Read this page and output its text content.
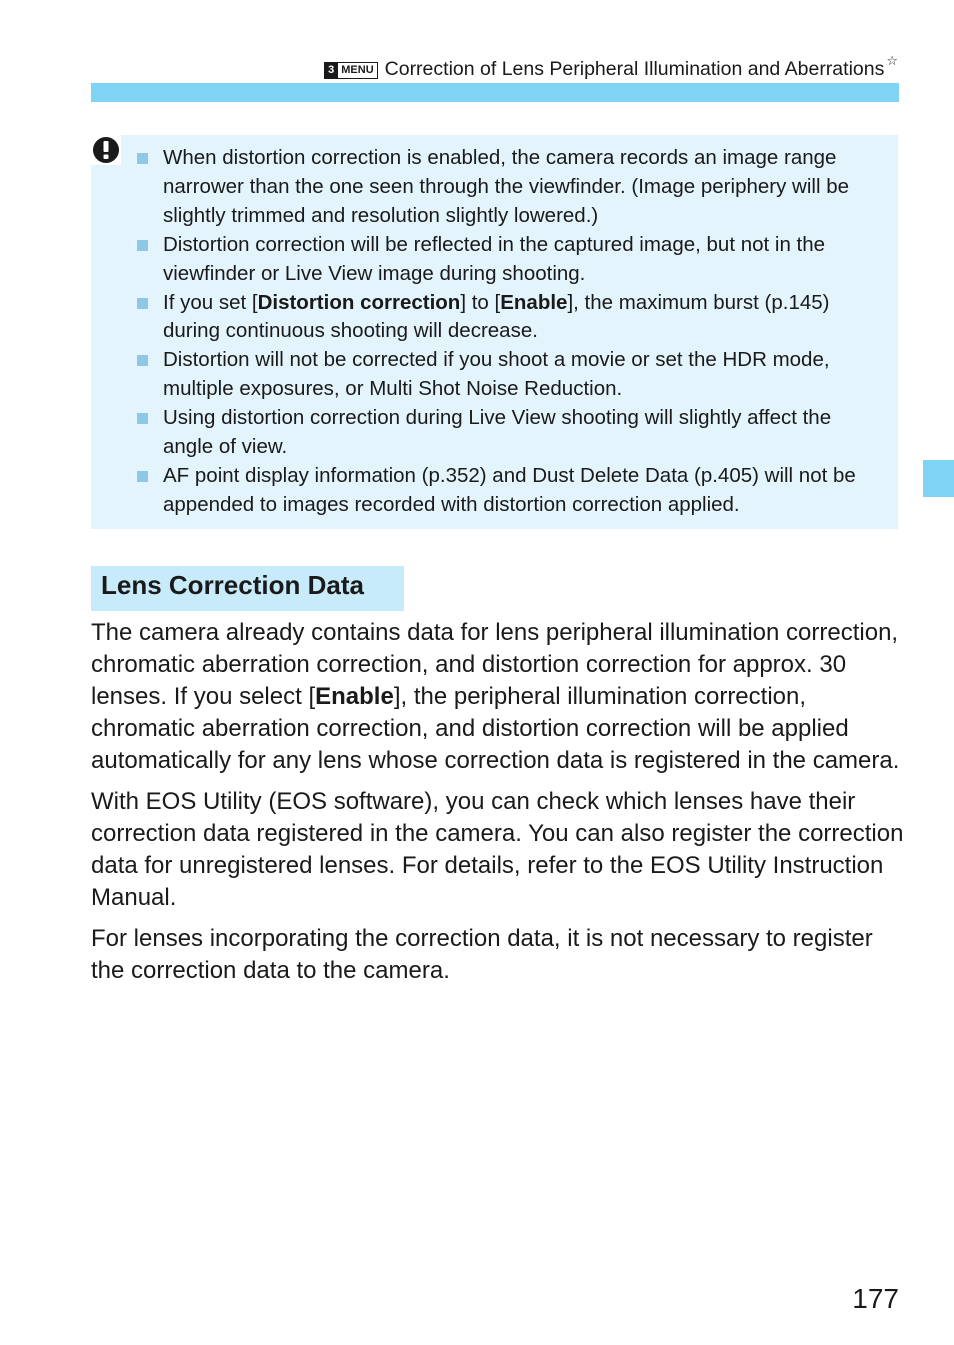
3 MENU Correction of Lens Peripheral Illumination and Aberrations ☆
When distortion correction is enabled, the camera records an image range narrower than the one seen through the viewfinder. (Image periphery will be slightly trimmed and resolution slightly lowered.)
Distortion correction will be reflected in the captured image, but not in the viewfinder or Live View image during shooting.
If you set [Distortion correction] to [Enable], the maximum burst (p.145) during continuous shooting will decrease.
Distortion will not be corrected if you shoot a movie or set the HDR mode, multiple exposures, or Multi Shot Noise Reduction.
Using distortion correction during Live View shooting will slightly affect the angle of view.
AF point display information (p.352) and Dust Delete Data (p.405) will not be appended to images recorded with distortion correction applied.
Lens Correction Data

The camera already contains data for lens peripheral illumination correction, chromatic aberration correction, and distortion correction for approx. 30 lenses. If you select [Enable], the peripheral illumination correction, chromatic aberration correction, and distortion correction will be applied automatically for any lens whose correction data is registered in the camera.

With EOS Utility (EOS software), you can check which lenses have their correction data registered in the camera. You can also register the correction data for unregistered lenses. For details, refer to the EOS Utility Instruction Manual.

For lenses incorporating the correction data, it is not necessary to register the correction data to the camera.

177
